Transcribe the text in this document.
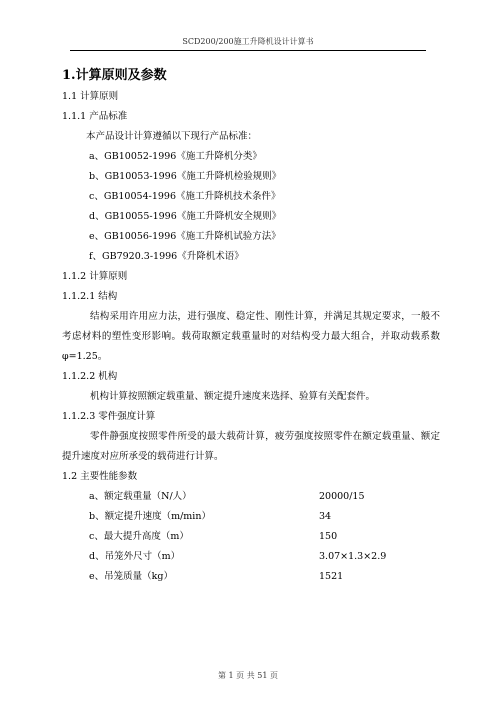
SCD200/200施工升降机设计计算书
1.计算原则及参数
1.1 计算原则
1.1.1 产品标准
本产品设计计算遵循以下现行产品标准：
a、GB10052-1996《施工升降机分类》
b、GB10053-1996《施工升降机检验规则》
c、GB10054-1996《施工升降机技术条件》
d、GB10055-1996《施工升降机安全规则》
e、GB10056-1996《施工升降机试验方法》
f、GB7920.3-1996《升降机术语》
1.1.2 计算原则
1.1.2.1 结构
结构采用许用应力法，进行强度、稳定性、刚性计算，并满足其规定要求，一般不考虑材料的塑性变形影响。载荷取额定载重量时的对结构受力最大组合，并取动载系数φ=1.25。
1.1.2.2 机构
机构计算按照额定载重量、额定提升速度来选择、验算有关配套件。
1.1.2.3 零件强度计算
零件静强度按照零件所受的最大载荷计算，疲劳强度按照零件在额定载重量、额定提升速度对应所承受的载荷进行计算。
1.2 主要性能参数
a、额定载重量（N/人）	20000/15
b、额定提升速度（m/min）	34
c、最大提升高度（m）	150
d、吊笼外尺寸（m）	3.07×1.3×2.9
e、吊笼质量（kg）	1521
第 1 页 共 51 页
